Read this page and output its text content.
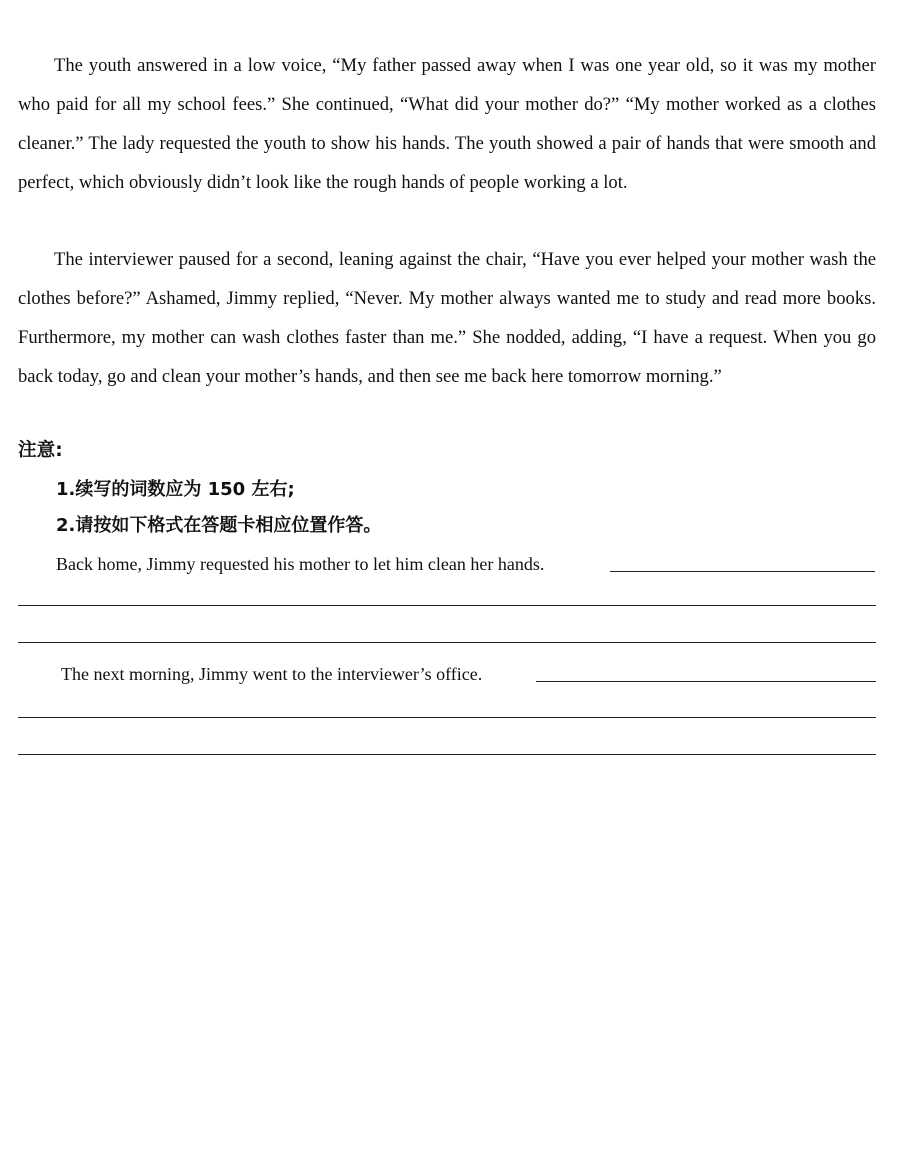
The youth answered in a low voice, “My father passed away when I was one year old, so it was my mother who paid for all my school fees.” She continued, “What did your mother do?” “My mother worked as a clothes cleaner.” The lady requested the youth to show his hands. The youth showed a pair of hands that were smooth and perfect, which obviously didn’t look like the rough hands of people working a lot.

The interviewer paused for a second, leaning against the chair, “Have you ever helped your mother wash the clothes before?” Ashamed, Jimmy replied, “Never. My mother always wanted me to study and read more books. Furthermore, my mother can wash clothes faster than me.” She nodded, adding, “I have a request. When you go back today, go and clean your mother’s hands, and then see me back here tomorrow morning.”

注意:

1.续写的词数应为 150 左右;

2.请按如下格式在答题卡相应位置作答。

Back home, Jimmy requested his mother to let him clean her hands.
The next morning, Jimmy went to the interviewer’s office.
